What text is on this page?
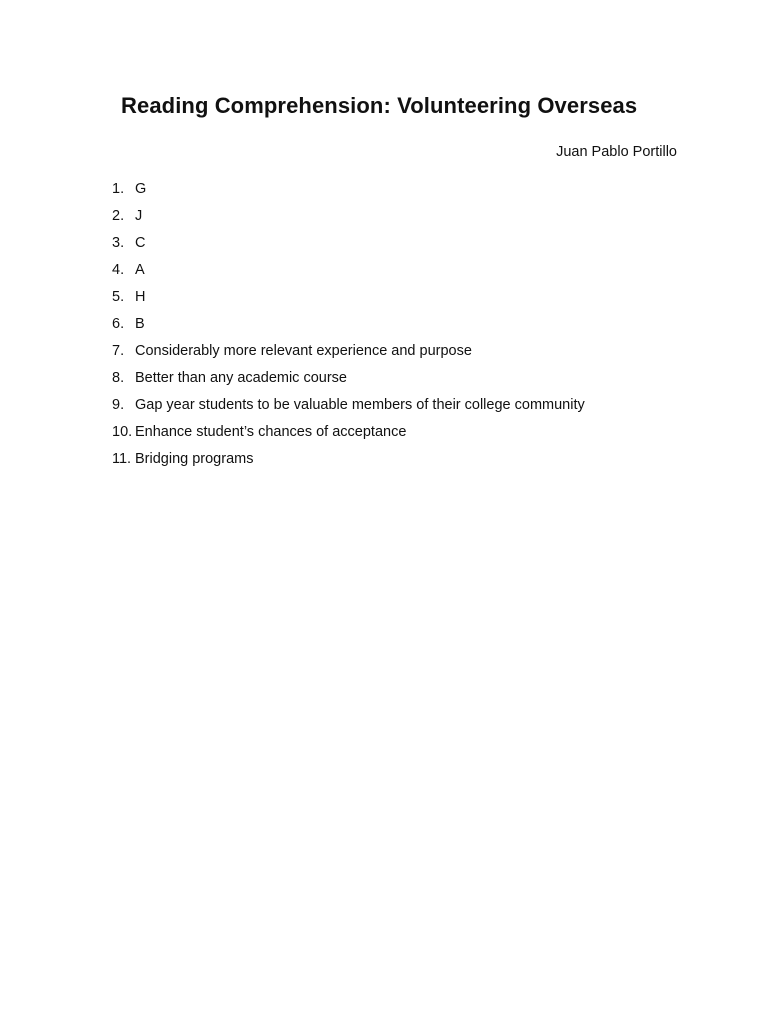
Reading Comprehension: Volunteering Overseas
Juan Pablo Portillo
1. G
2. J
3. C
4. A
5. H
6. B
7. Considerably more relevant experience and purpose
8. Better than any academic course
9. Gap year students to be valuable members of their college community
10. Enhance student’s chances of acceptance
11. Bridging programs
